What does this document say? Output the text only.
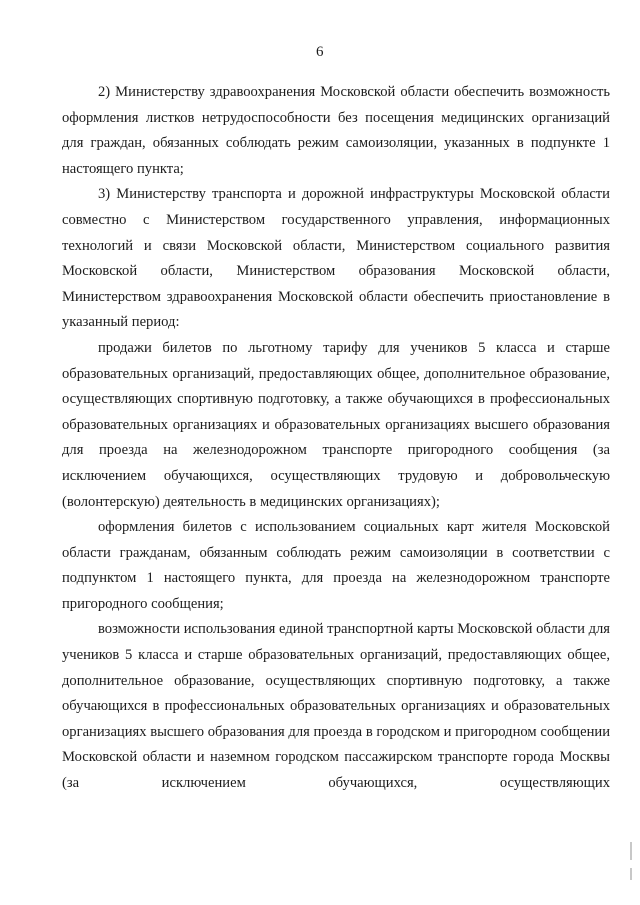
6

2) Министерству здравоохранения Московской области обеспечить возможность оформления листков нетрудоспособности без посещения медицинских организаций для граждан, обязанных соблюдать режим самоизоляции, указанных в подпункте 1 настоящего пункта;

3) Министерству транспорта и дорожной инфраструктуры Московской области совместно с Министерством государственного управления, информационных технологий и связи Московской области, Министерством социального развития Московской области, Министерством образования Московской области, Министерством здравоохранения Московской области обеспечить приостановление в указанный период:

продажи билетов по льготному тарифу для учеников 5 класса и старше образовательных организаций, предоставляющих общее, дополнительное образование, осуществляющих спортивную подготовку, а также обучающихся в профессиональных образовательных организациях и образовательных организациях высшего образования для проезда на железнодорожном транспорте пригородного сообщения (за исключением обучающихся, осуществляющих трудовую и добровольческую (волонтерскую) деятельность в медицинских организациях);

оформления билетов с использованием социальных карт жителя Московской области гражданам, обязанным соблюдать режим самоизоляции в соответствии с подпунктом 1 настоящего пункта, для проезда на железнодорожном транспорте пригородного сообщения;

возможности использования единой транспортной карты Московской области для учеников 5 класса и старше образовательных организаций, предоставляющих общее, дополнительное образование, осуществляющих спортивную подготовку, а также обучающихся в профессиональных образовательных организациях и образовательных организациях высшего образования для проезда в городском и пригородном сообщении Московской области и наземном городском пассажирском транспорте города Москвы (за исключением обучающихся, осуществляющих
